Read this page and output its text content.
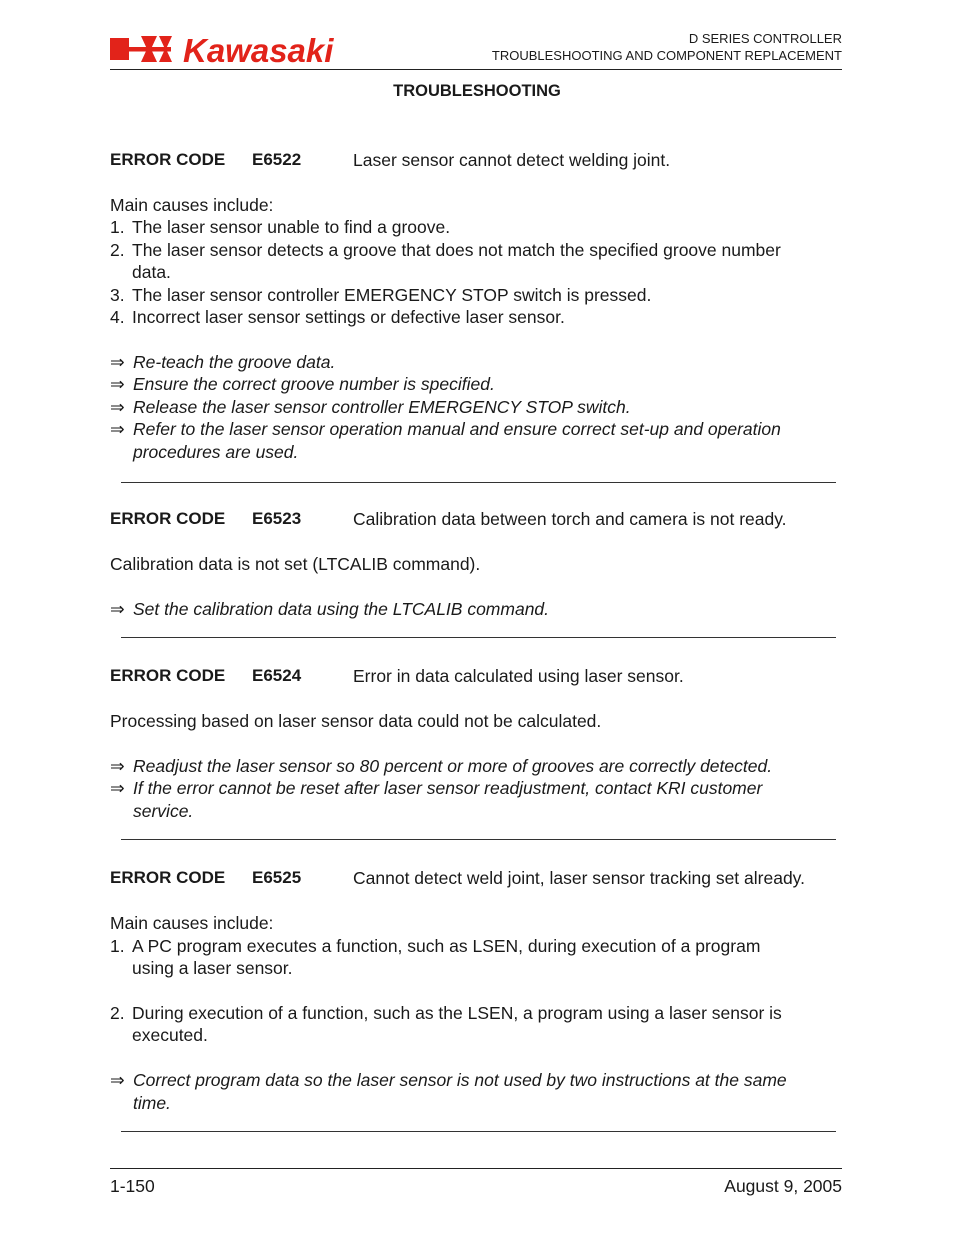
Kawasaki	D SERIES CONTROLLER
TROUBLESHOOTING AND COMPONENT REPLACEMENT
TROUBLESHOOTING
ERROR CODE E6522	Laser sensor cannot detect welding joint.
Main causes include:
1. The laser sensor unable to find a groove.
2. The laser sensor detects a groove that does not match the specified groove number
data.
3. The laser sensor controller EMERGENCY STOP switch is pressed.
4. Incorrect laser sensor settings or defective laser sensor.
⇒ Re-teach the groove data.
⇒ Ensure the correct groove number is specified.
⇒ Release the laser sensor controller EMERGENCY STOP switch.
⇒ Refer to the laser sensor operation manual and ensure correct set-up and operation
procedures are used.
ERROR CODE E6523	Calibration data between torch and camera is not ready.
Calibration data is not set (LTCALIB command).
⇒ Set the calibration data using the LTCALIB command.
ERROR CODE E6524	Error in data calculated using laser sensor.
Processing based on laser sensor data could not be calculated.
⇒ Readjust the laser sensor so 80 percent or more of grooves are correctly detected.
⇒ If the error cannot be reset after laser sensor readjustment, contact KRI customer
service.
ERROR CODE E6525	Cannot detect weld joint, laser sensor tracking set already.
Main causes include:
1. A PC program executes a function, such as LSEN, during execution of a program
using a laser sensor.
2. During execution of a function, such as the LSEN, a program using a laser sensor is
executed.
⇒ Correct program data so the laser sensor is not used by two instructions at the same
time.
1-150	August 9, 2005
